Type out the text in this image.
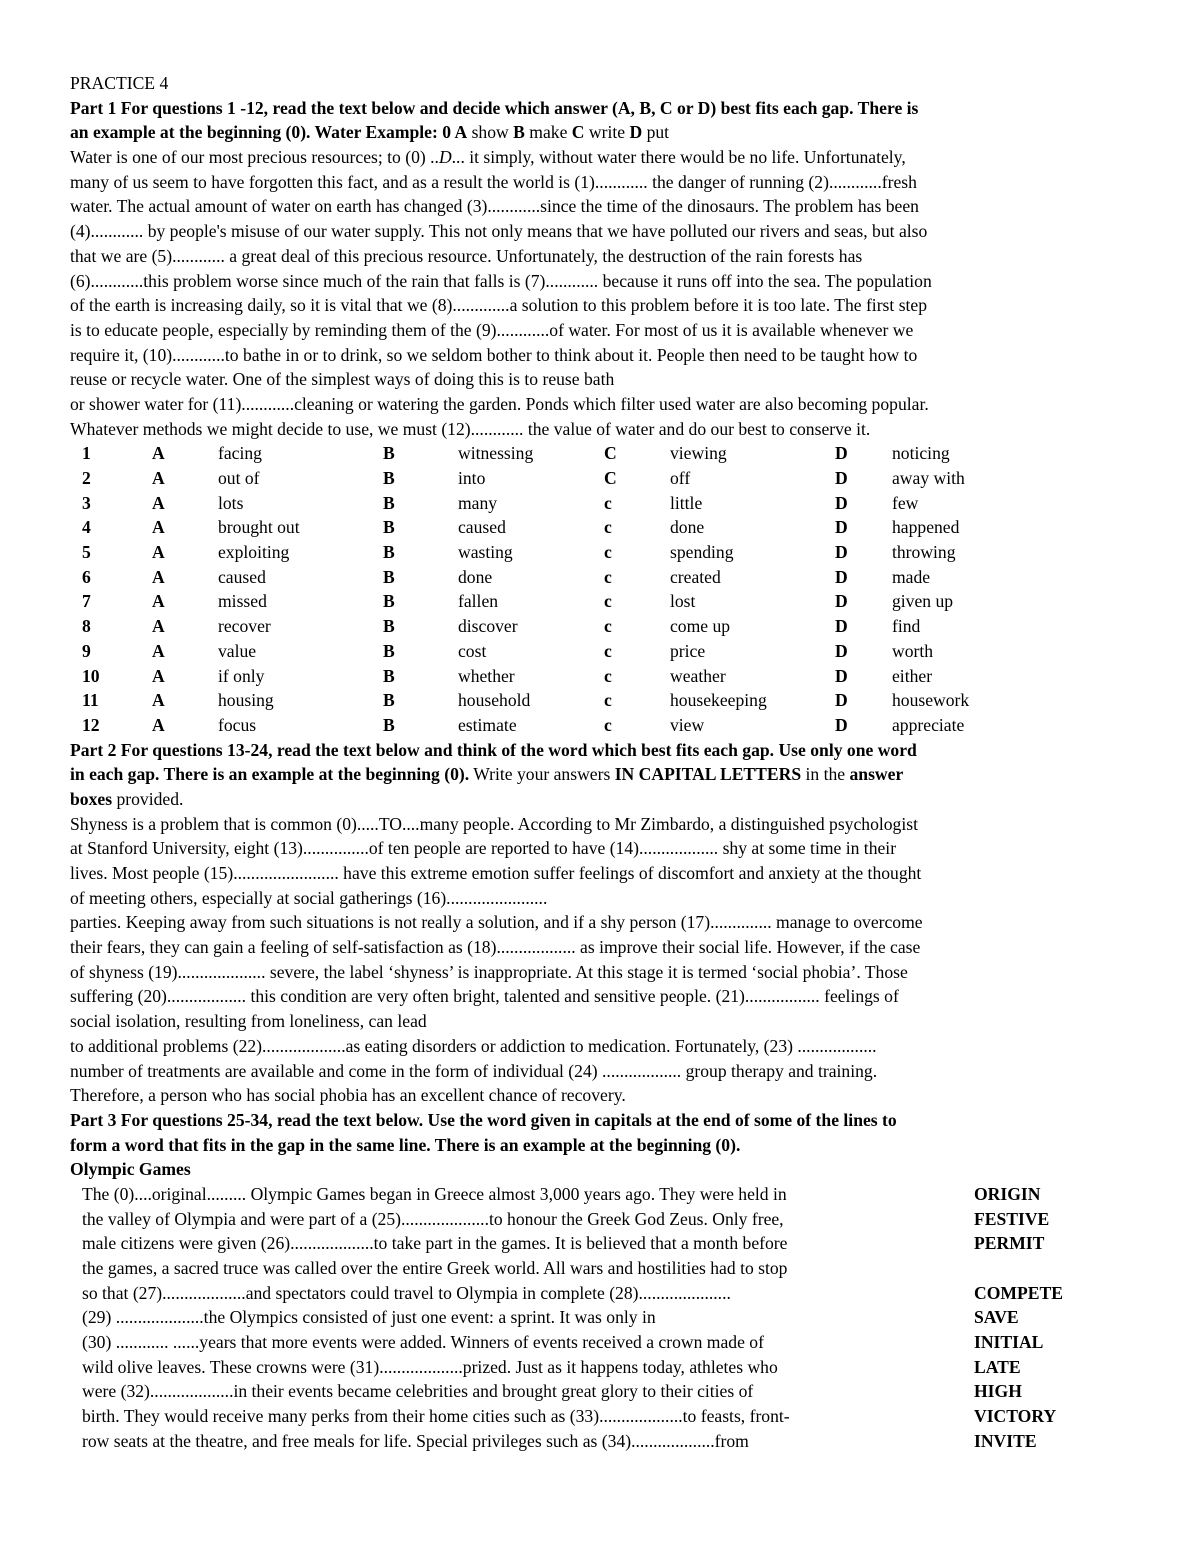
PRACTICE 4
Part 1 For questions 1 -12, read the text below and decide which answer (A, B, C or D) best fits each gap. There is
an example at the beginning (0). Water Example: 0 A show B make C write D put
Water is one of our most precious resources; to (0) ..D... it simply, without water there would be no life. Unfortunately,
many of us seem to have forgotten this fact, and as a result the world is (1)............ the danger of running (2)............fresh
water. The actual amount of water on earth has changed (3)............since the time of the dinosaurs. The problem has been
(4)............ by people's misuse of our water supply. This not only means that we have polluted our rivers and seas, but also
that we are (5)............ a great deal of this precious resource. Unfortunately, the destruction of the rain forests has
(6)............this problem worse since much of the rain that falls is (7)............ because it runs off into the sea. The population
of the earth is increasing daily, so it is vital that we (8).............a solution to this problem before it is too late. The first step
is to educate people, especially by reminding them of the (9)............of water. For most of us it is available whenever we
require it, (10)............to bathe in or to drink, so we seldom bother to think about it. People then need to be taught how to
reuse or recycle water. One of the simplest ways of doing this is to reuse bath
or shower water for (11)............cleaning or watering the garden. Ponds which filter used water are also becoming popular.
Whatever methods we might decide to use, we must (12)............ the value of water and do our best to conserve it.
1	A	facing	B	witnessing	C	viewing	D	noticing
2	A	out of	B	into	C	off	D	away with
3	A	lots	B	many	c	little	D	few
4	A	brought out	B	caused	c	done	D	happened
5	A	exploiting	B	wasting	c	spending	D	throwing
6	A	caused	B	done	c	created	D	made
7	A	missed	B	fallen	c	lost	D	given up
8	A	recover	B	discover	c	come up	D	find
9	A	value	B	cost	c	price	D	worth
10	A	if only	B	whether	c	weather	D	either
11	A	housing	B	household	c	housekeeping	D	housework
12	A	focus	B	estimate	c	view	D	appreciate
Part 2 For questions 13-24, read the text below and think of the word which best fits each gap. Use only one word
in each gap. There is an example at the beginning (0). Write your answers IN CAPITAL LETTERS in the answer
boxes provided.
Shyness is a problem that is common (0).....TO....many people. According to Mr Zimbardo, a distinguished psychologist
at Stanford University, eight (13)...............of ten people are reported to have (14).................. shy at some time in their
lives. Most people (15)........................ have this extreme emotion suffer feelings of discomfort and anxiety at the thought
of meeting others, especially at social gatherings (16).......................
parties. Keeping away from such situations is not really a solution, and if a shy person (17).............. manage to overcome
their fears, they can gain a feeling of self-satisfaction as (18).................. as improve their social life. However, if the case
of shyness (19).................... severe, the label ‘shyness’ is inappropriate. At this stage it is termed ‘social phobia’. Those
suffering (20).................. this condition are very often bright, talented and sensitive people. (21)................. feelings of
social isolation, resulting from loneliness, can lead
to additional problems (22)...................as eating disorders or addiction to medication. Fortunately, (23) ..................
number of treatments are available and come in the form of individual (24) .................. group therapy and training.
Therefore, a person who has social phobia has an excellent chance of recovery.
Part 3 For questions 25-34, read the text below. Use the word given in capitals at the end of some of the lines to
form a word that fits in the gap in the same line. There is an example at the beginning (0).
Olympic Games
The (0)....original......... Olympic Games began in Greece almost 3,000 years ago. They were held in	ORIGIN
the valley of Olympia and were part of a (25)....................to honour the Greek God Zeus. Only free,	FESTIVE
male citizens were given (26)...................to take part in the games. It is believed that a month before	PERMIT
the games, a sacred truce was called over the entire Greek world. All wars and hostilities had to stop
so that (27)...................and spectators could travel to Olympia in complete (28).....................	COMPETE
(29) ....................the Olympics consisted of just one event: a sprint. It was only in	SAVE
(30) ............ ......years that more events were added. Winners of events received a crown made of	INITIAL
wild olive leaves. These crowns were (31)...................prized. Just as it happens today, athletes who	LATE
were (32)...................in their events became celebrities and brought great glory to their cities of	HIGH
birth. They would receive many perks from their home cities such as (33)...................to feasts, front-	VICTORY
row seats at the theatre, and free meals for life. Special privileges such as (34)...................from	INVITE
